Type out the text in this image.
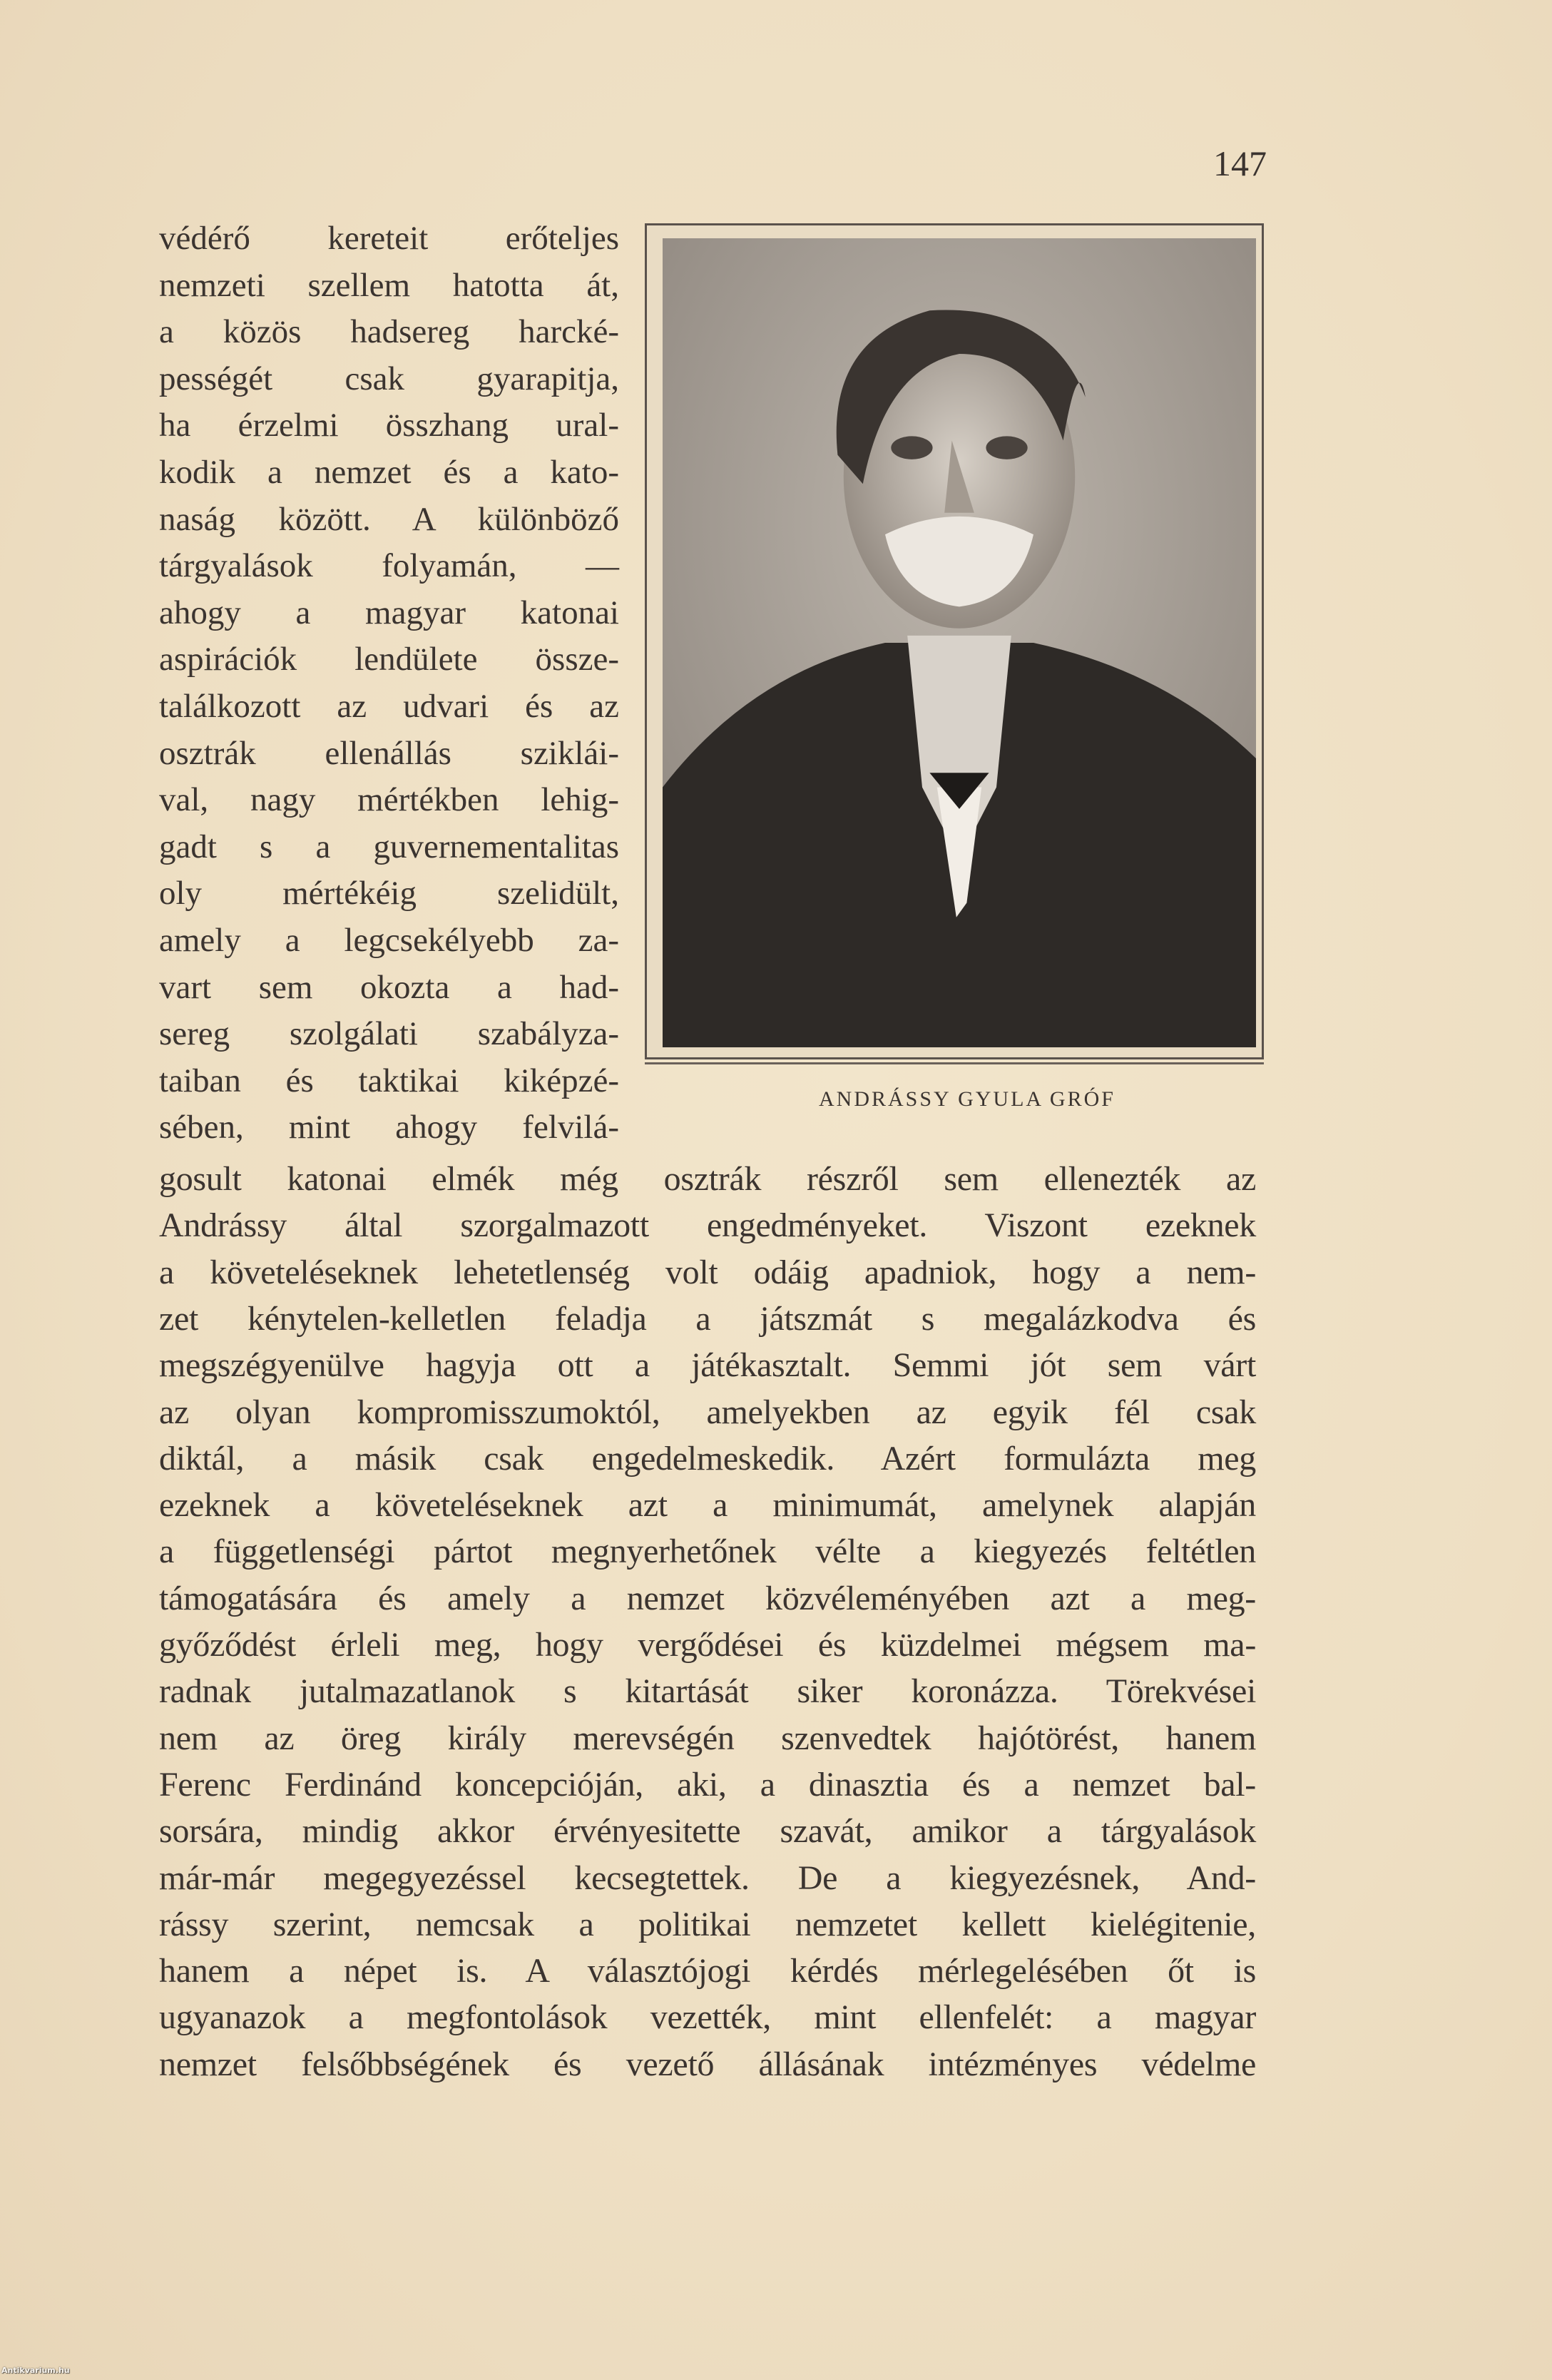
147
védérő kereteit erőteljes
nemzeti szellem hatotta át,
a közös hadsereg harcké-
pességét csak gyarapitja,
ha érzelmi összhang ural-
kodik a nemzet és a kato-
naság között. A különböző
tárgyalások folyamán, —
ahogy a magyar katonai
aspirációk lendülete össze-
találkozott az udvari és az
osztrák ellenállás sziklái-
val, nagy mértékben lehig-
gadt s a guvernementalitas
oly mértékéig szelidült,
amely a legcsekélyebb za-
vart sem okozta a had-
sereg szolgálati szabályza-
taiban és taktikai kiképzé-
sében, mint ahogy felvilá-
gosult katonai elmék még osztrák részről sem ellenezték az
Andrássy által szorgalmazott engedményeket. Viszont ezeknek
a követeléseknek lehetetlenség volt odáig apadniok, hogy a nem-
zet kénytelen-kelletlen feladja a játszmát s megalázkodva és
megszégyenülve hagyja ott a játékasztalt. Semmi jót sem várt
az olyan kompromisszumoktól, amelyekben az egyik fél csak
diktál, a másik csak engedelmeskedik. Azért formulázta meg
ezeknek a követeléseknek azt a minimumát, amelynek alapján
a függetlenségi pártot megnyerhetőnek vélte a kiegyezés feltétlen
támogatására és amely a nemzet közvéleményében azt a meg-
győződést érleli meg, hogy vergődései és küzdelmei mégsem ma-
radnak jutalmazatlanok s kitartását siker koronázza. Törekvései
nem az öreg király merevségén szenvedtek hajótörést, hanem
Ferenc Ferdinánd koncepcióján, aki, a dinasztia és a nemzet bal-
sorsára, mindig akkor érvényesitette szavát, amikor a tárgyalások
már-már megegyezéssel kecsegtettek. De a kiegyezésnek, And-
rássy szerint, nemcsak a politikai nemzetet kellett kielégitenie,
hanem a népet is. A választójogi kérdés mérlegelésében őt is
ugyanazok a megfontolások vezették, mint ellenfelét: a magyar
nemzet felsőbbségének és vezető állásának intézményes védelme
ANDRÁSSY GYULA GRÓF
Antikvarium.hu
